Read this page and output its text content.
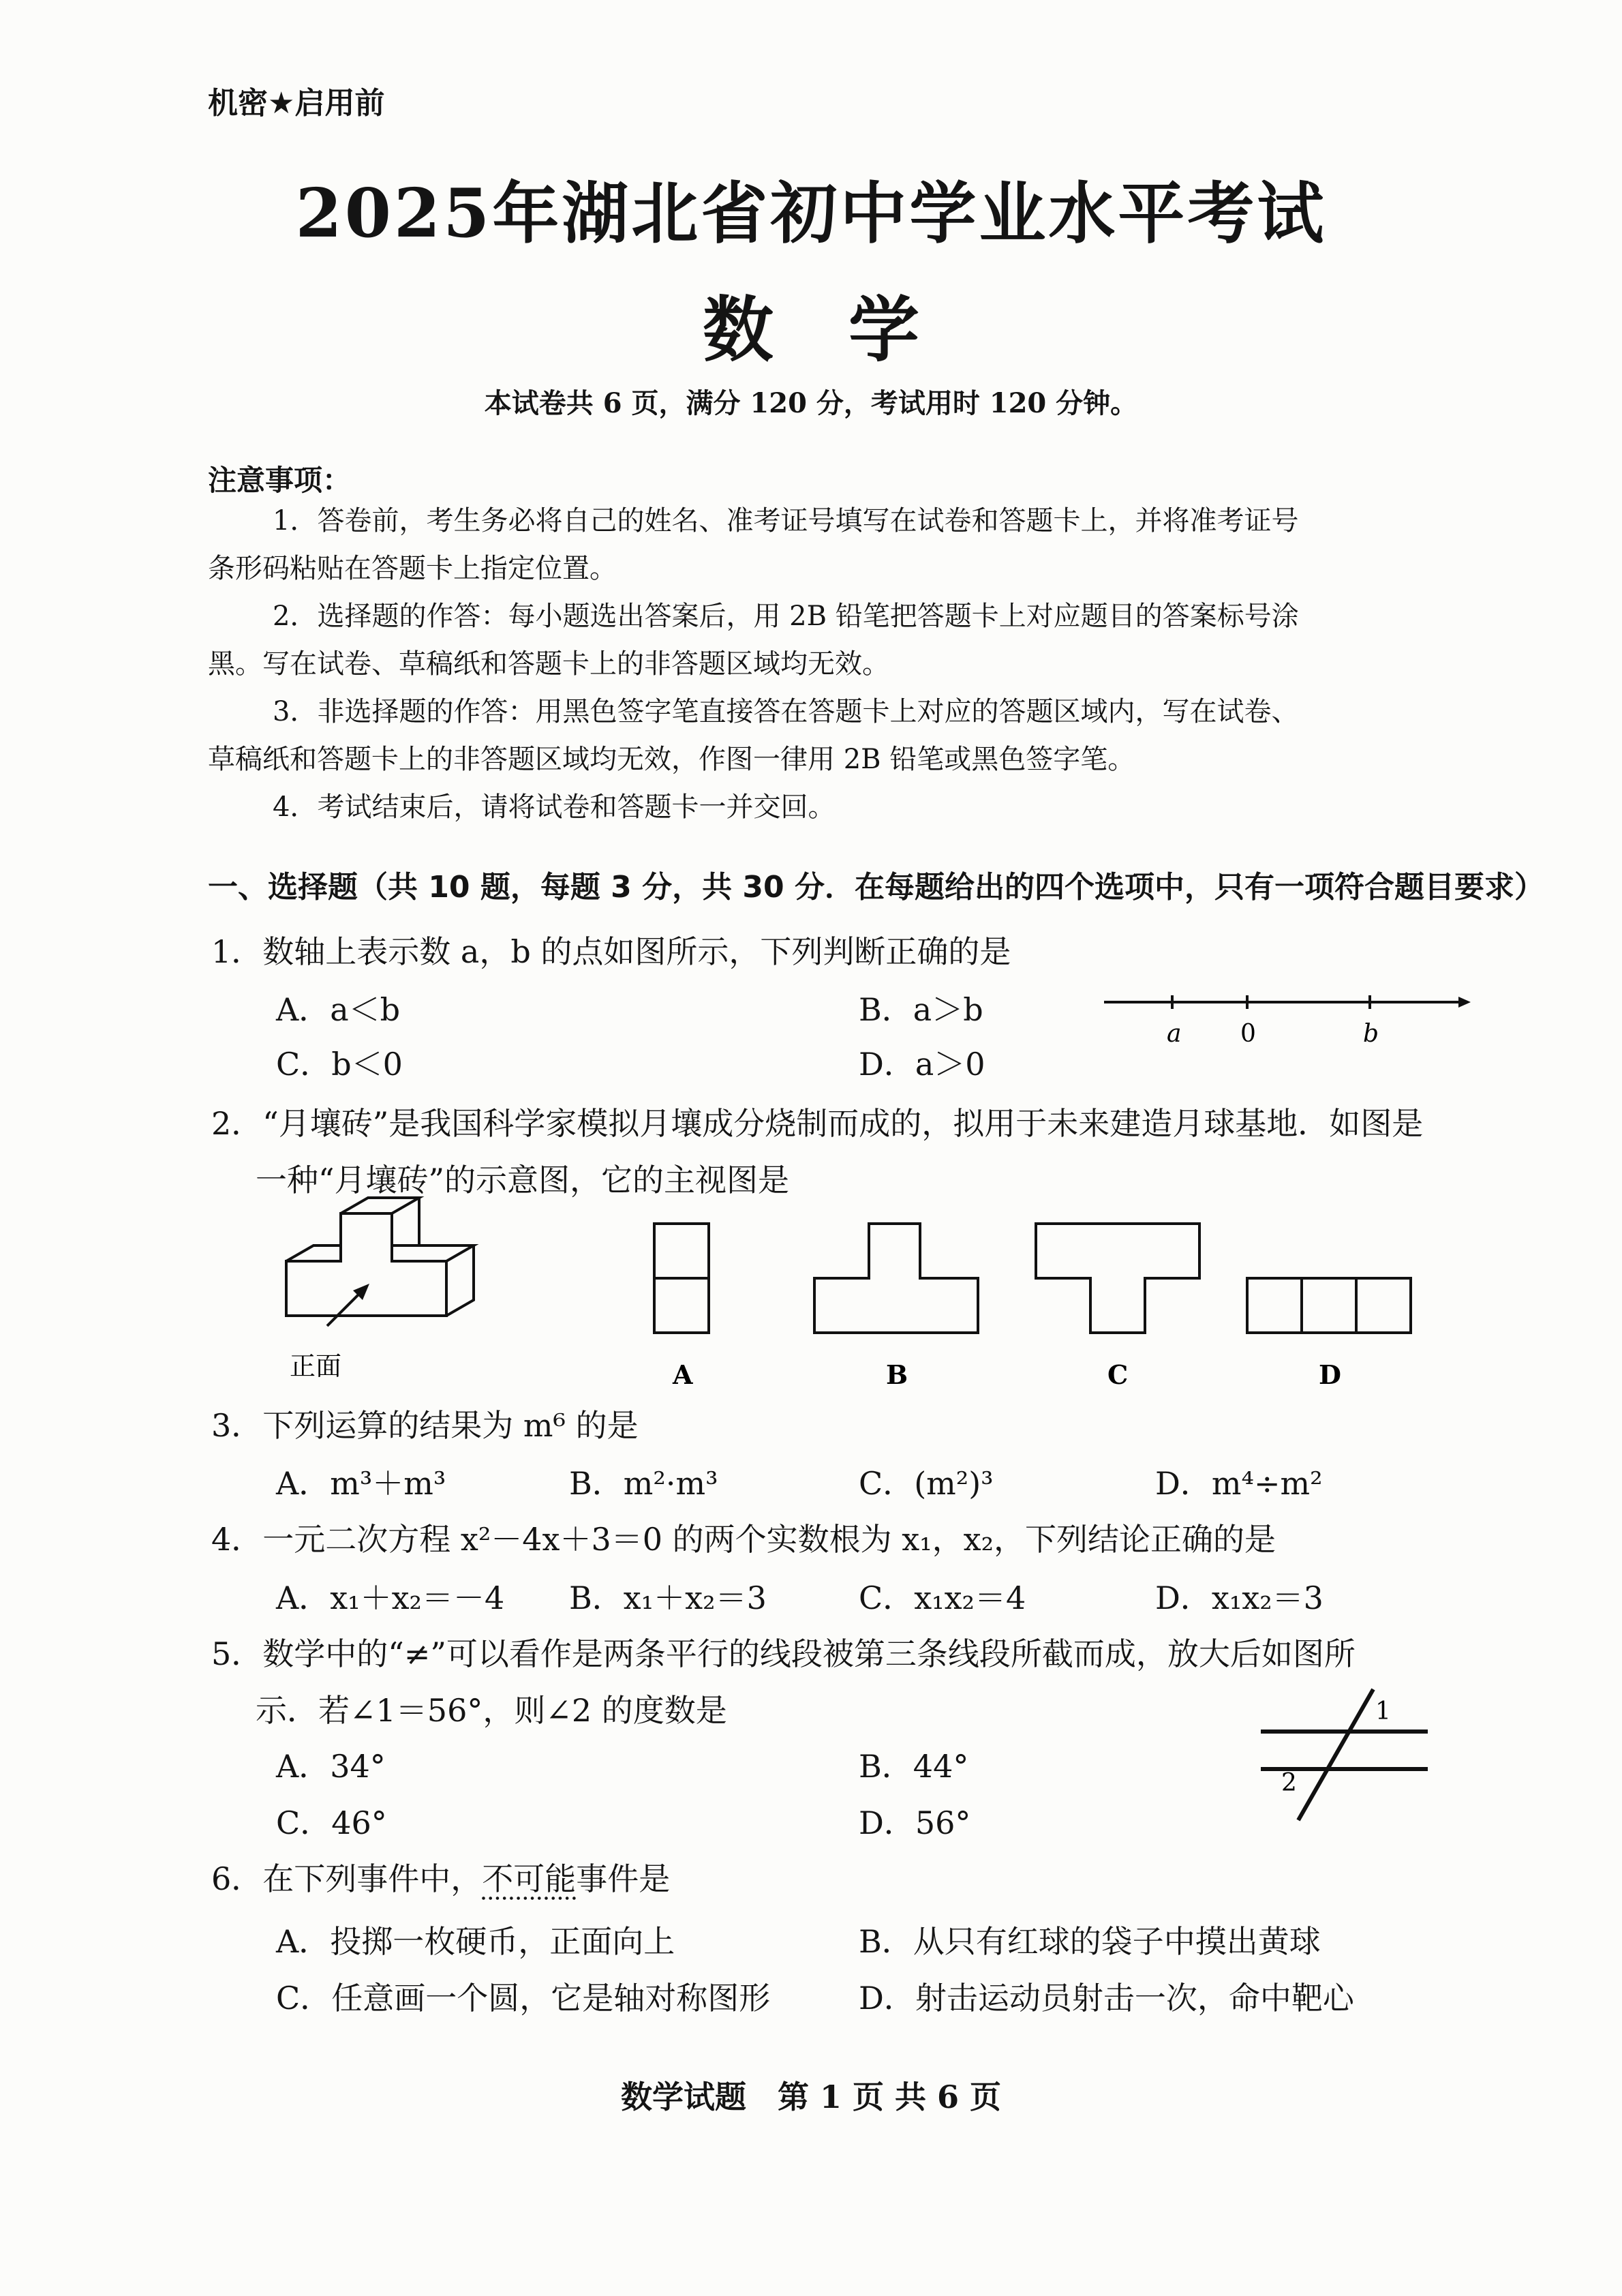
机密★启用前
2025年湖北省初中学业水平考试
数 学
本试卷共 6 页，满分 120 分，考试用时 120 分钟。
注意事项：
1．答卷前，考生务必将自己的姓名、准考证号填写在试卷和答题卡上，并将准考证号
条形码粘贴在答题卡上指定位置。
2．选择题的作答：每小题选出答案后，用 2B 铅笔把答题卡上对应题目的答案标号涂
黑。写在试卷、草稿纸和答题卡上的非答题区域均无效。
3．非选择题的作答：用黑色签字笔直接答在答题卡上对应的答题区域内，写在试卷、
草稿纸和答题卡上的非答题区域均无效，作图一律用 2B 铅笔或黑色签字笔。
4．考试结束后，请将试卷和答题卡一并交回。
一、选择题（共 10 题，每题 3 分，共 30 分．在每题给出的四个选项中，只有一项符合题目要求）
1．数轴上表示数 a，b 的点如图所示，下列判断正确的是
A．a＜b	B．a＞b
C．b＜0	D．a＞0
a 0	b
2．“月壤砖”是我国科学家模拟月壤成分烧制而成的，拟用于未来建造月球基地．如图是
一种“月壤砖”的示意图，它的主视图是
正面	A	B	C	D
3．下列运算的结果为 m⁶ 的是
A．m³＋m³	B．m²·m³	C．(m²)³	D．m⁴÷m²
4．一元二次方程 x²－4x＋3＝0 的两个实数根为 x₁，x₂，下列结论正确的是
A．x₁＋x₂＝－4 B．x₁＋x₂＝3	C．x₁x₂＝4	D．x₁x₂＝3
5．数学中的“≠”可以看作是两条平行的线段被第三条线段所截而成，放大后如图所
示．若∠1＝56°，则∠2 的度数是
A．34°	B．44°
C．46°	D．56°
1
2
6．在下列事件中，不可能事件是
A．投掷一枚硬币，正面向上	B．从只有红球的袋子中摸出黄球
C．任意画一个圆，它是轴对称图形	D．射击运动员射击一次，命中靶心
数学试题　第 1 页 共 6 页
